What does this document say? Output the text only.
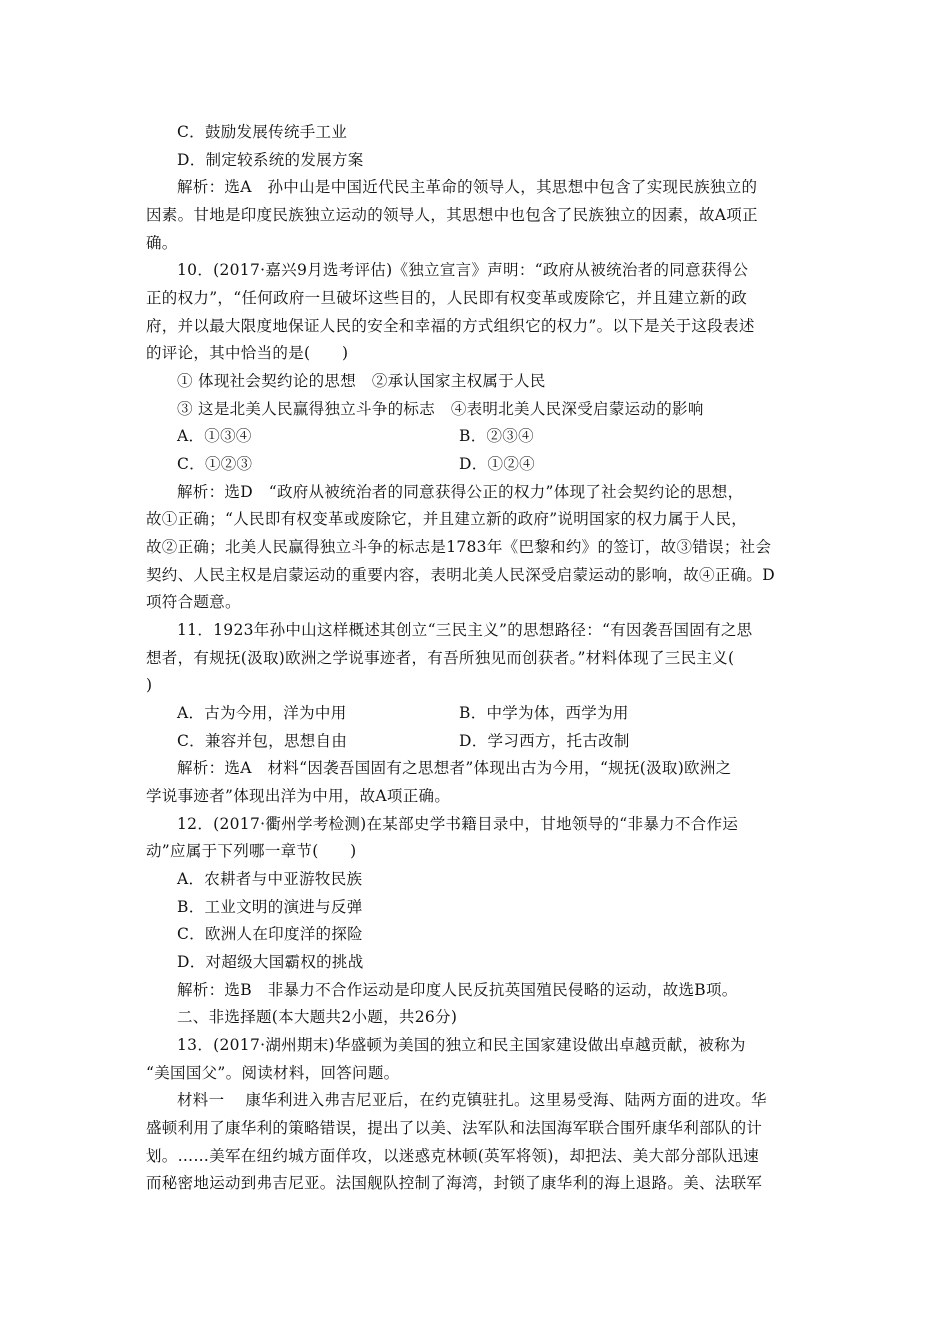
C．鼓励发展传统手工业
D．制定较系统的发展方案
解析：选A　孙中山是中国近代民主革命的领导人，其思想中包含了实现民族独立的
因素。甘地是印度民族独立运动的领导人，其思想中也包含了民族独立的因素，故A项正
确。
10．(2017·嘉兴9月选考评估)《独立宣言》声明：“政府从被统治者的同意获得公
正的权力”，“任何政府一旦破坏这些目的，人民即有权变革或废除它，并且建立新的政
府，并以最大限度地保证人民的安全和幸福的方式组织它的权力”。以下是关于这段表述
的评论，其中恰当的是(　　)
① 体现社会契约论的思想　②承认国家主权属于人民
③ 这是北美人民赢得独立斗争的标志　④表明北美人民深受启蒙运动的影响
A．①③④	B．②③④
C．①②③	D．①②④
解析：选D　“政府从被统治者的同意获得公正的权力”体现了社会契约论的思想，
故①正确；“人民即有权变革或废除它，并且建立新的政府”说明国家的权力属于人民，
故②正确；北美人民赢得独立斗争的标志是1783年《巴黎和约》的签订，故③错误；社会
契约、人民主权是启蒙运动的重要内容，表明北美人民深受启蒙运动的影响，故④正确。D
项符合题意。
11．1923年孙中山这样概述其创立“三民主义”的思想路径：“有因袭吾国固有之思
想者，有规抚(汲取)欧洲之学说事迹者，有吾所独见而创获者。”材料体现了三民主义(
)
A．古为今用，洋为中用	B．中学为体，西学为用
C．兼容并包，思想自由	D．学习西方，托古改制
解析：选A　材料“因袭吾国固有之思想者”体现出古为今用，“规抚(汲取)欧洲之
学说事迹者”体现出洋为中用，故A项正确。
12．(2017·衢州学考检测)在某部史学书籍目录中，甘地领导的“非暴力不合作运
动”应属于下列哪一章节(　　)
A．农耕者与中亚游牧民族
B．工业文明的演进与反弹
C．欧洲人在印度洋的探险
D．对超级大国霸权的挑战
解析：选B　非暴力不合作运动是印度人民反抗英国殖民侵略的运动，故选B项。
二、非选择题(本大题共2小题，共26分)
13．(2017·湖州期末)华盛顿为美国的独立和民主国家建设做出卓越贡献，被称为
“美国国父”。阅读材料，回答问题。
材料一　 康华利进入弗吉尼亚后，在约克镇驻扎。这里易受海、陆两方面的进攻。华
盛顿利用了康华利的策略错误，提出了以美、法军队和法国海军联合围歼康华利部队的计
划。……美军在纽约城方面佯攻，以迷惑克林顿(英军将领)，却把法、美大部分部队迅速
而秘密地运动到弗吉尼亚。法国舰队控制了海湾，封锁了康华利的海上退路。美、法联军
